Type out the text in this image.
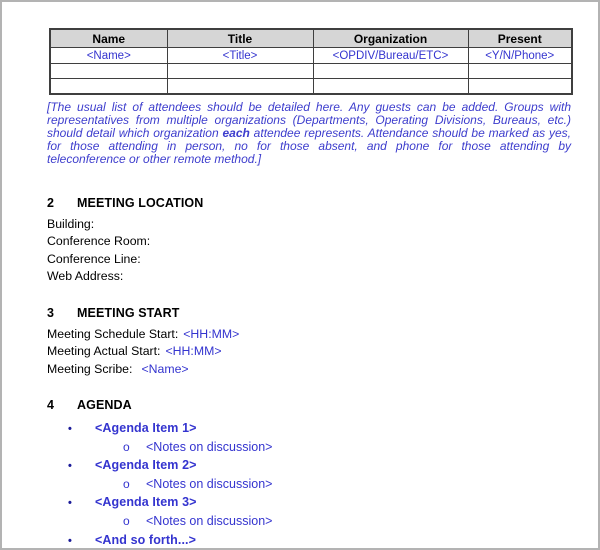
Name	Title	Organization	Present
<Name>	<Title>	<OPDIV/Bureau/ETC>	<Y/N/Phone>

[The usual list of attendees should be detailed here. Any guests can be added. Groups with representatives from multiple organizations (Departments, Operating Divisions, Bureaus, etc.) should detail which organization each attendee represents. Attendance should be marked as yes, for those attending in person, no for those absent, and phone for those attending by teleconference or other remote method.]

2 MEETING LOCATION
Building:
Conference Room:
Conference Line:
Web Address:
3 MEETING START
Meeting Schedule Start: <HH:MM>
Meeting Actual Start: <HH:MM>
Meeting Scribe: <Name>
4 AGENDA
•	<Agenda Item 1>
o	<Notes on discussion>
•	<Agenda Item 2>
o	<Notes on discussion>
•	<Agenda Item 3>
o	<Notes on discussion>
•	<And so forth...>
